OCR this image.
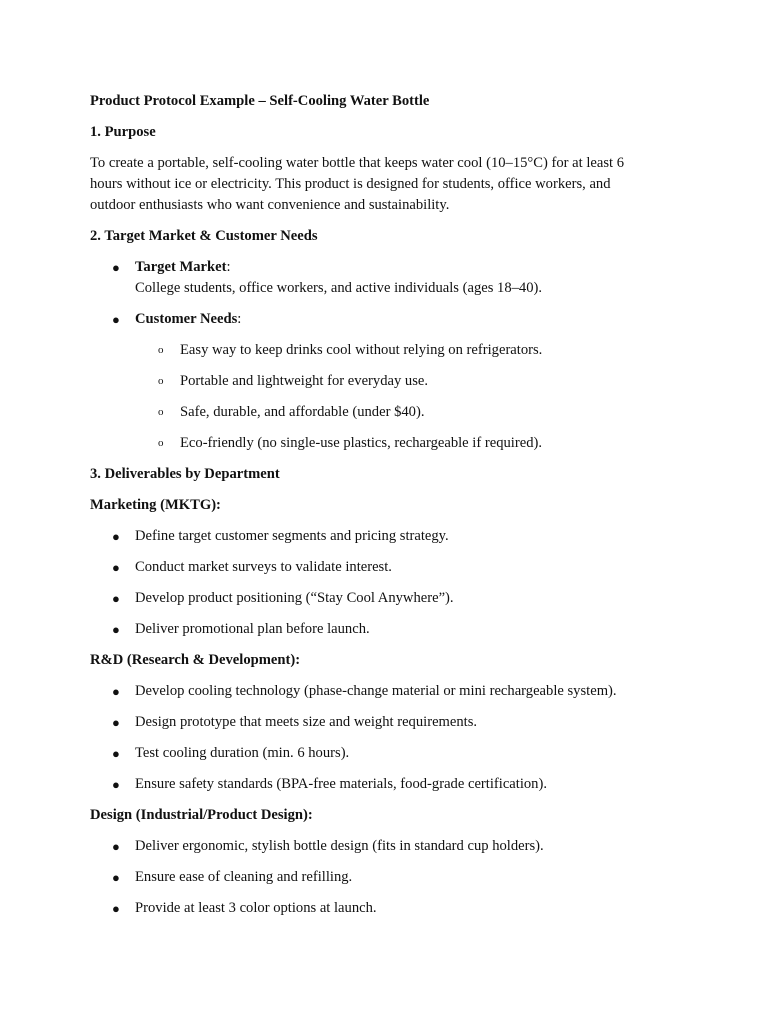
Product Protocol Example – Self-Cooling Water Bottle
1. Purpose
To create a portable, self-cooling water bottle that keeps water cool (10–15°C) for at least 6
hours without ice or electricity. This product is designed for students, office workers, and
outdoor enthusiasts who want convenience and sustainability.
2. Target Market & Customer Needs
● Target Market:
College students, office workers, and active individuals (ages 18–40).
● Customer Needs:
o Easy way to keep drinks cool without relying on refrigerators.
o Portable and lightweight for everyday use.
o Safe, durable, and affordable (under $40).
o Eco-friendly (no single-use plastics, rechargeable if required).
3. Deliverables by Department
Marketing (MKTG):
● Define target customer segments and pricing strategy.
● Conduct market surveys to validate interest.
● Develop product positioning (“Stay Cool Anywhere”).
● Deliver promotional plan before launch.
R&D (Research & Development):
● Develop cooling technology (phase-change material or mini rechargeable system).
● Design prototype that meets size and weight requirements.
● Test cooling duration (min. 6 hours).
● Ensure safety standards (BPA-free materials, food-grade certification).
Design (Industrial/Product Design):
● Deliver ergonomic, stylish bottle design (fits in standard cup holders).
● Ensure ease of cleaning and refilling.
● Provide at least 3 color options at launch.
